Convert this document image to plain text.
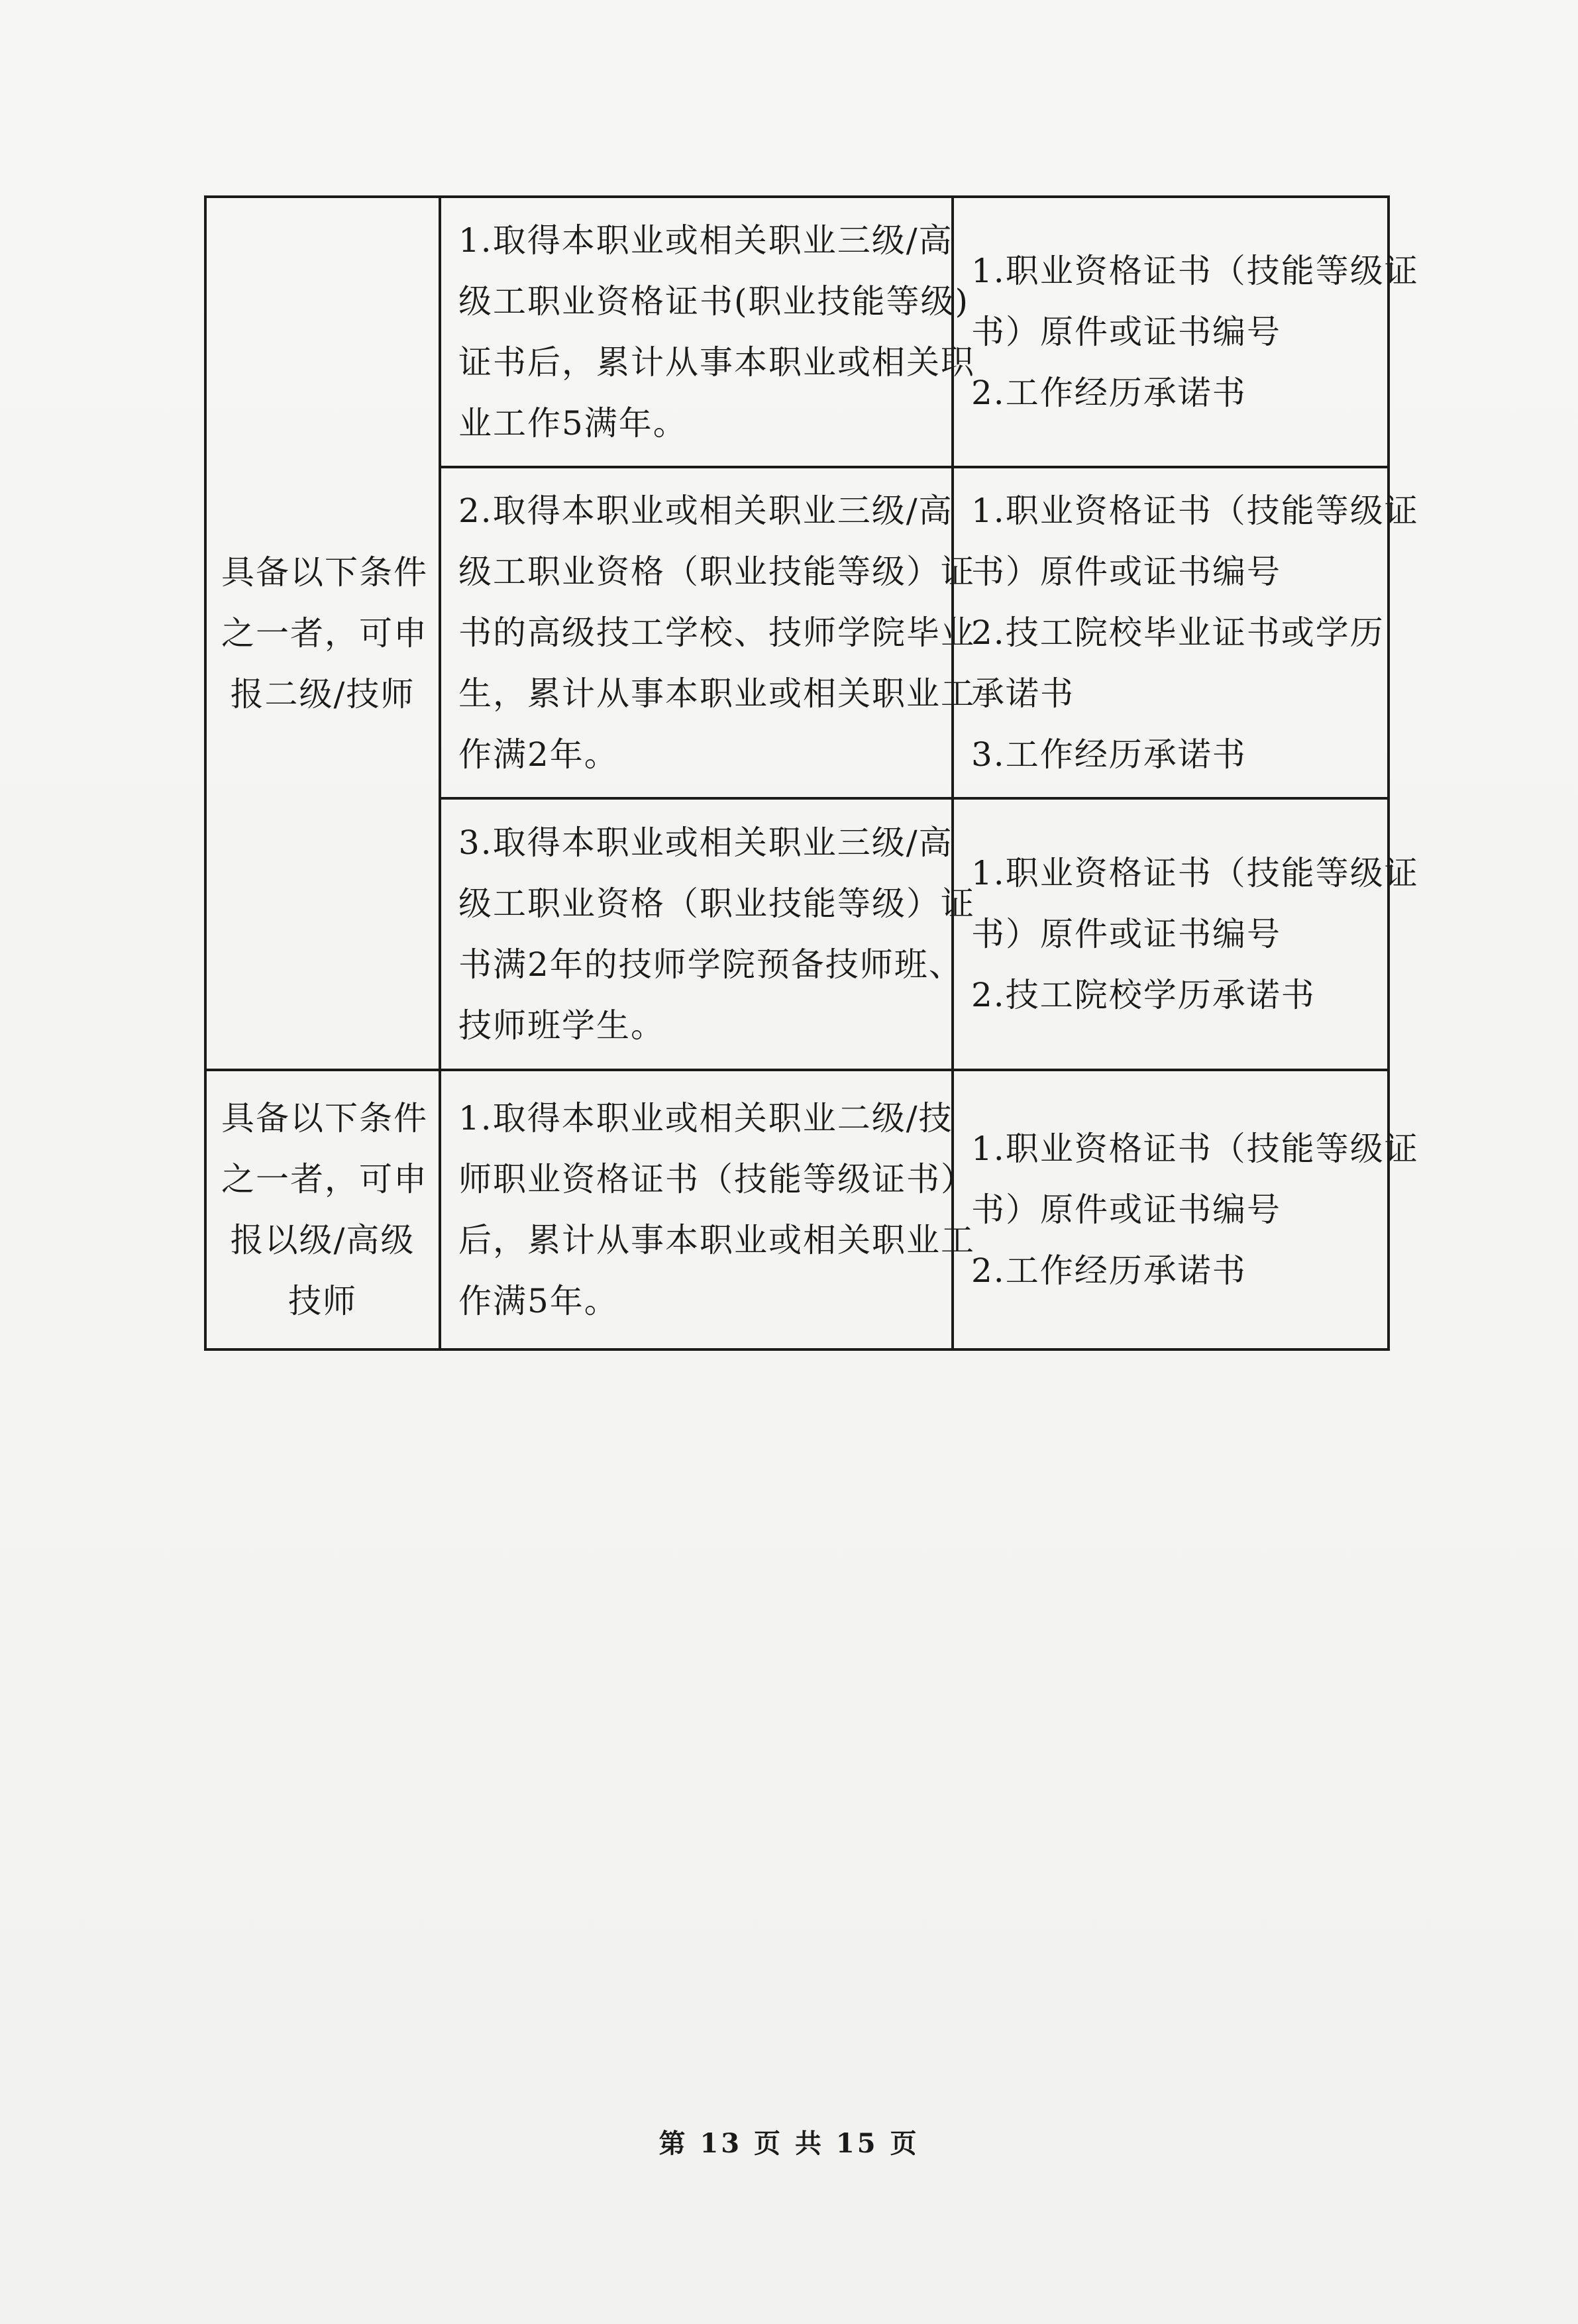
具备以下条件
之一者，可申
报二级/技师	1.取得本职业或相关职业三级/高
级工职业资格证书(职业技能等级)
证书后，累计从事本职业或相关职
业工作5满年。	1.职业资格证书（技能等级证
书）原件或证书编号
2.工作经历承诺书

	2.取得本职业或相关职业三级/高
级工职业资格（职业技能等级）证
书的高级技工学校、技师学院毕业
生，累计从事本职业或相关职业工
作满2年。	1.职业资格证书（技能等级证
书）原件或证书编号
2.技工院校毕业证书或学历
承诺书
3.工作经历承诺书

	3.取得本职业或相关职业三级/高
级工职业资格（职业技能等级）证
书满2年的技师学院预备技师班、
技师班学生。	1.职业资格证书（技能等级证
书）原件或证书编号
2.技工院校学历承诺书

具备以下条件
之一者，可申
报以级/高级
技师	1.取得本职业或相关职业二级/技
师职业资格证书（技能等级证书）
后，累计从事本职业或相关职业工
作满5年。	1.职业资格证书（技能等级证
书）原件或证书编号
2.工作经历承诺书
第 13 页 共 15 页
